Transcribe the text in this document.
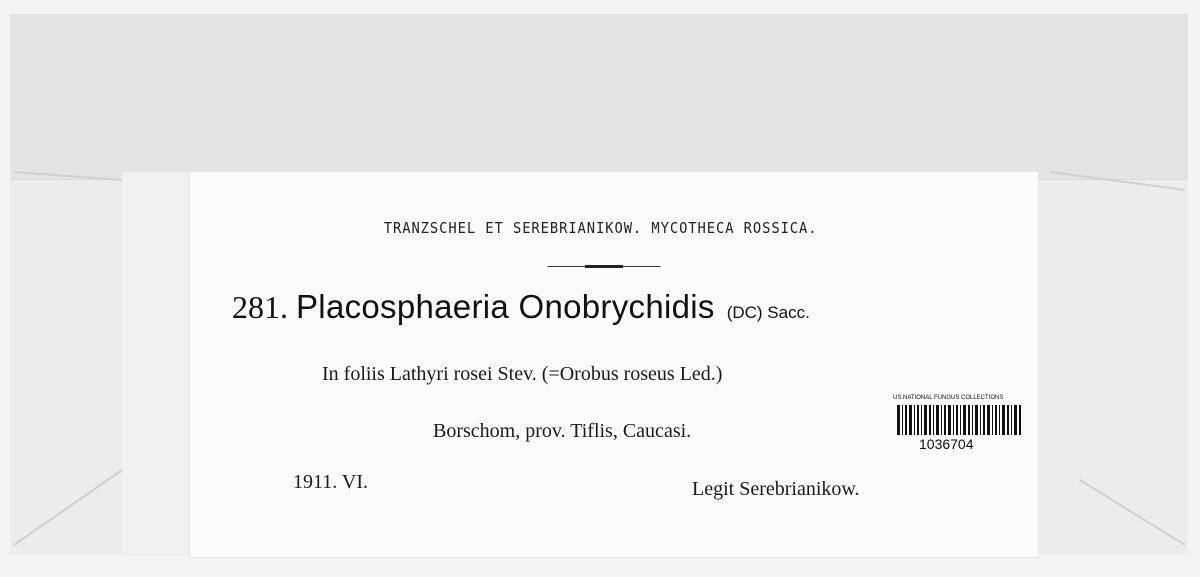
TRANZSCHEL ET SEREBRIANIKOW. MYCOTHECA ROSSICA.
281. Placosphaeria Onobrychidis (DC) Sacc.
In foliis Lathyri rosei Stev. (=Orobus roseus Led.)
Borschom, prov. Tiflis, Caucasi.
1911. VI.	Legit Serebrianikow.
US NATIONAL FUNGUS COLLECTIONS
1036704
